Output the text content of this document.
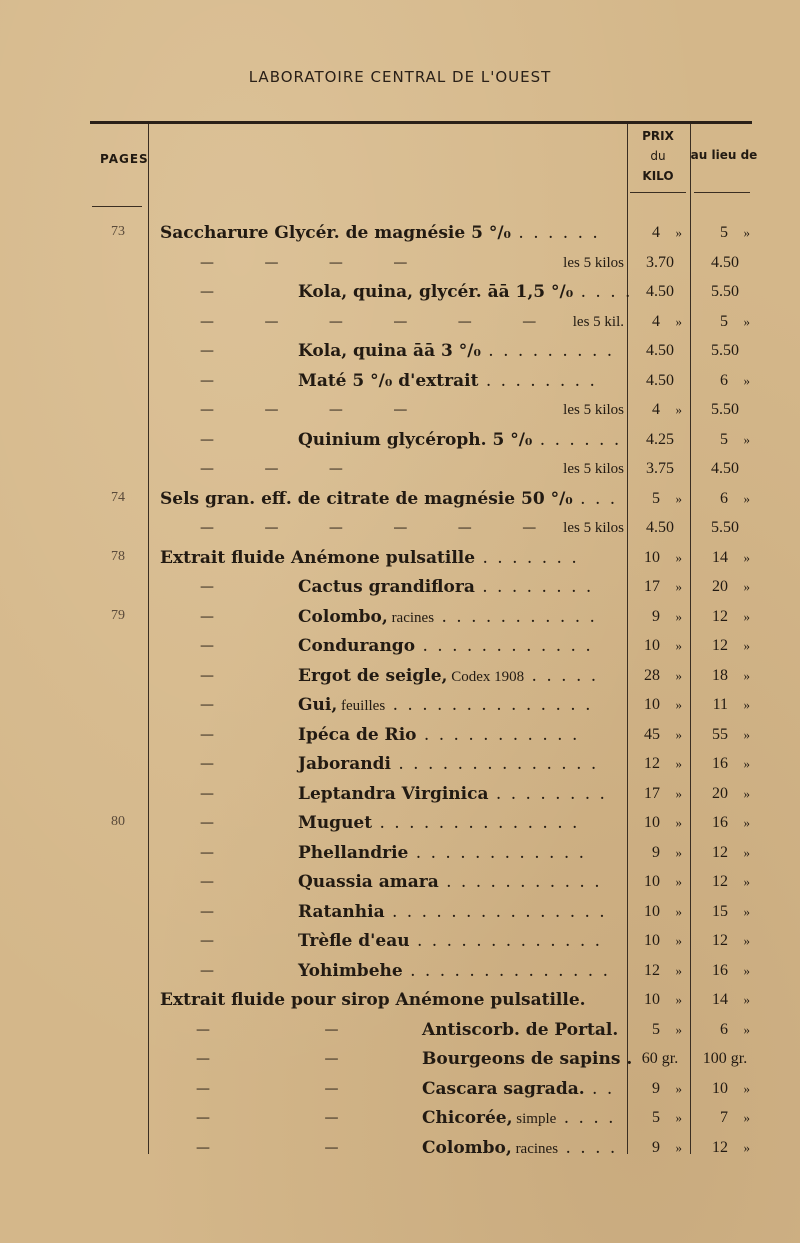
LABORATOIRE CENTRAL DE L'OUEST
PAGES
PRIX
du
KILO
au lieu de
73	Saccharure Glycér. de magnésie 5 °/₀ . . . . . .	4 » 5 »
— — — —	les 5 kilos	3.70	4.50
—	Kola, quina, glycér. āā 1,5 °/₀ . . . . 4.50	5.50
— — — — — —	les 5 kil. 4 » 5 »
—	Kola, quina āā 3 °/₀ . . . . . . . . .	4.50	5.50
—	Maté 5 °/₀ d'extrait . . . . . . . .	4.50	6 »
— — — —	les 5 kilos 4 »	5.50
—	Quinium glycéroph. 5 °/₀ . . . . . .	4.25	5 »
— — —	les 5 kilos	3.75	4.50
74	Sels gran. eff. de citrate de magnésie 50 °/₀ . . .	5 » 6 »
— — — — — —	les 5 kilos	4.50	5.50
78	Extrait fluide Anémone pulsatille . . . . . . .	10 » 14 »
—	Cactus grandiflora . . . . . . . .	17 » 20 »
79	—	Colombo, racines . . . . . . . . . . .	9 » 12 »
—	Condurango . . . . . . . . . . . .	10 » 12 »
—	Ergot de seigle, Codex 1908 . . . . .	28 » 18 »
—	Gui, feuilles . . . . . . . . . . . . . .	10 » 11 »
—	Ipéca de Rio . . . . . . . . . . .	45 » 55 »
—	Jaborandi . . . . . . . . . . . . . .	12 » 16 »
—	Leptandra Virginica . . . . . . . .	17 » 20 »
80	—	Muguet . . . . . . . . . . . . . .	10 » 16 »
—	Phellandrie . . . . . . . . . . . .	9 » 12 »
—	Quassia amara . . . . . . . . . . .	10 » 12 »
—	Ratanhia . . . . . . . . . . . . . . .	10 » 15 »
—	Trèfle d'eau . . . . . . . . . . . . .	10 » 12 »
—	Yohimbehe . . . . . . . . . . . . . .	12 » 16 »
Extrait fluide pour sirop Anémone pulsatille.	10 » 14 »
— —	Antiscorb. de Portal.	5 » 6 »
— —	Bourgeons de sapins . 60 gr.	100 gr.
— —	Cascara sagrada. . .	9 » 10 »
— —	Chicorée, simple . . . .	5 » 7 »
— —	Colombo, racines . . . .	9 » 12 »
